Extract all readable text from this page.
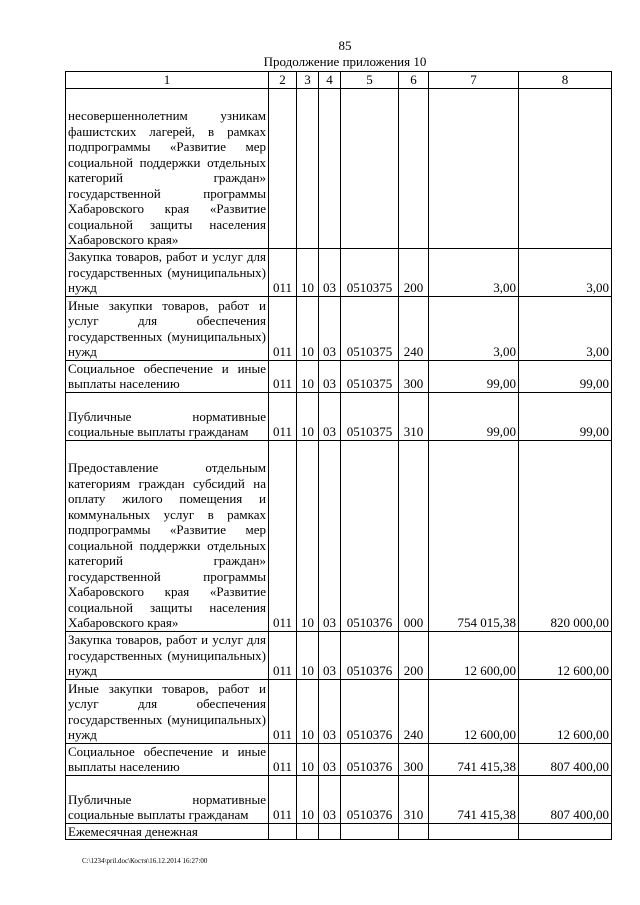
85
Продолжение приложения 10
1	2	3	4	5	6	7	8
несовершеннолетним узникам фашистских лагерей, в рамках подпрограммы «Развитие мер социальной поддержки отдельных категорий граждан» государственной программы Хабаровского края «Развитие социальной защиты населения Хабаровского края»							
Закупка товаров, работ и услуг для государственных (муниципальных) нужд	011	10	03	0510375	200	3,00	3,00
Иные закупки товаров, работ и услуг для обеспечения государственных (муниципальных) нужд	011	10	03	0510375	240	3,00	3,00
Социальное обеспечение и иные выплаты населению	011	10	03	0510375	300	99,00	99,00
Публичные нормативные социальные выплаты гражданам	011	10	03	0510375	310	99,00	99,00
Предоставление отдельным категориям граждан субсидий на оплату жилого помещения и коммунальных услуг в рамках подпрограммы «Развитие мер социальной поддержки отдельных категорий граждан» государственной программы Хабаровского края «Развитие социальной защиты населения Хабаровского края»	011	10	03	0510376	000	754 015,38	820 000,00
Закупка товаров, работ и услуг для государственных (муниципальных) нужд	011	10	03	0510376	200	12 600,00	12 600,00
Иные закупки товаров, работ и услуг для обеспечения государственных (муниципальных) нужд	011	10	03	0510376	240	12 600,00	12 600,00
Социальное обеспечение и иные выплаты населению	011	10	03	0510376	300	741 415,38	807 400,00
Публичные нормативные социальные выплаты гражданам	011	10	03	0510376	310	741 415,38	807 400,00
Ежемесячная денежная							
C:\1234\pril.doc\Костя\16.12.2014 16:27:00
